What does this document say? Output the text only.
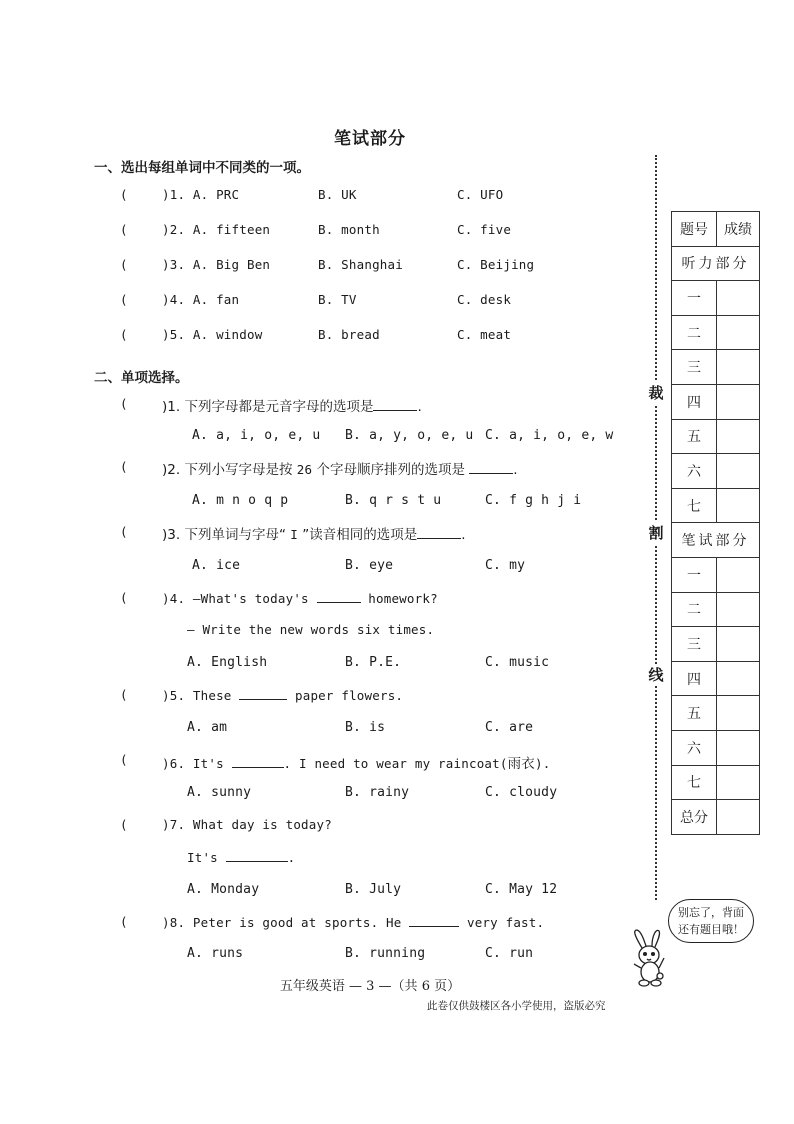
笔试部分
一、选出每组单词中不同类的一项。
(	)1. A. PRC	B. UK	C. UFO
(	)2. A. fifteen	B. month	C. five
(	)3. A. Big Ben	B. Shanghai	C. Beijing
(	)4. A. fan	B. TV	C. desk
(	)5. A. window	B. bread	C. meat
二、单项选择。
(	)1. 下列字母都是元音字母的选项是	.
A. a, i, o, e, u B. a, y, o, e, u C. a, i, o, e, w
(	)2. 下列小写字母是按 26 个字母顺序排列的选项是	.
A. m n o q p	B. q r s t u	C. f g h j i
(	)3. 下列单词与字母“ I ”读音相同的选项是	.
A. ice	B. eye	C. my
(	)4. —What's today's	homework?
— Write the new words six times.
A. English	B. P.E.	C. music
(	)5. These	paper flowers.
A. am	B. is	C. are
(	)6. It's	. I need to wear my raincoat(雨衣).
A. sunny	B. rainy	C. cloudy
(	)7. What day is today?
It's	.
A. Monday	B. July	C. May 12
(	)8. Peter is good at sports. He	very fast.
A. runs	B. running	C. run
裁
割
线
题号	成绩
听力部分	
一	
二	
三	
四	
五	
六	
七	
笔试部分	
一	
二	
三	
四	
五	
六	
七	
总分	
别忘了，背面
还有题目哦！
五年级英语 — 3 —（共 6 页）
此卷仅供鼓楼区各小学使用，盗版必究
